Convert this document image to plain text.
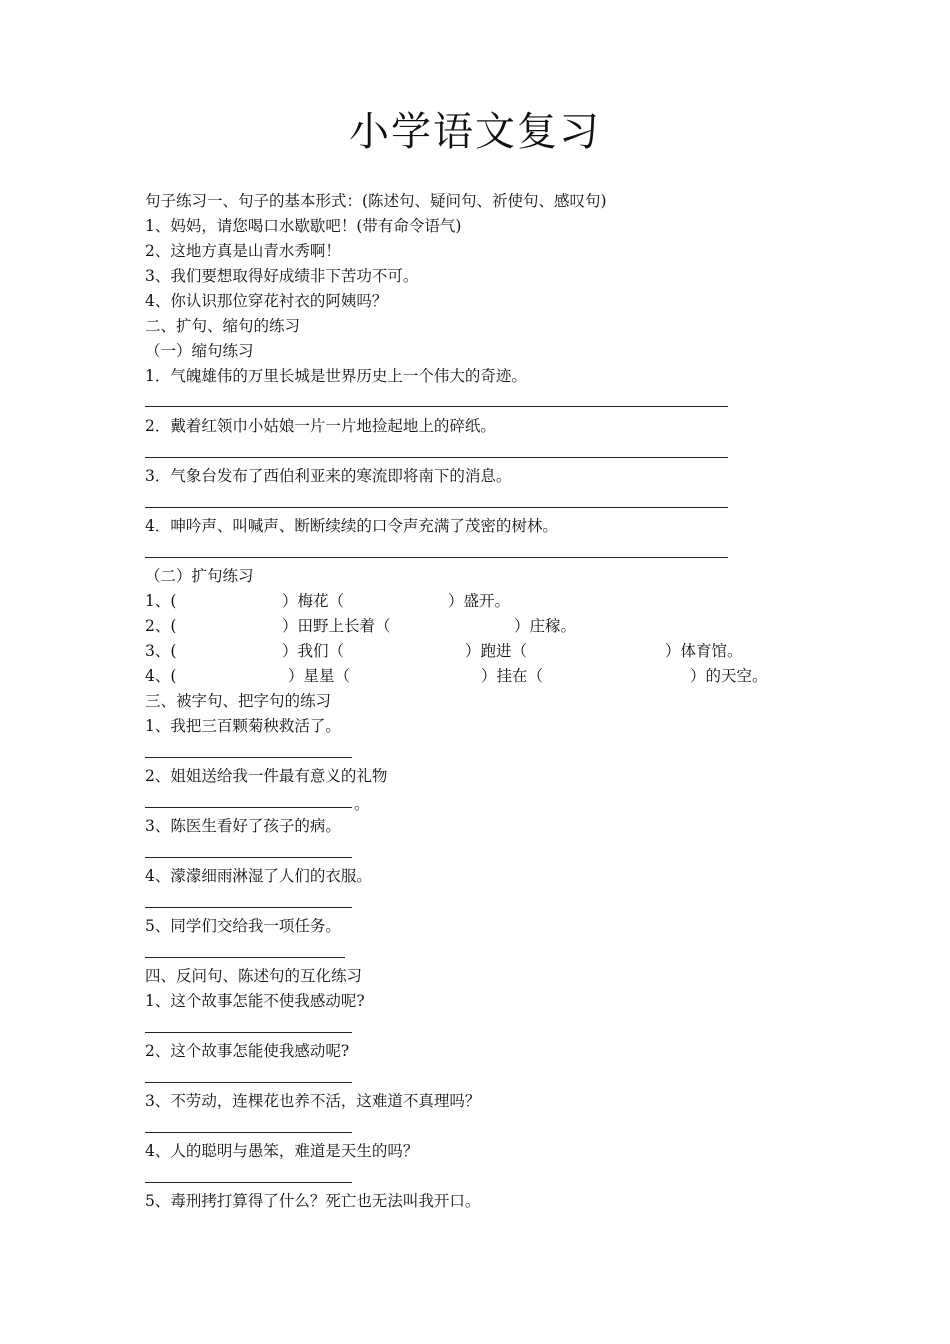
小学语文复习
句子练习一、句子的基本形式：(陈述句、疑问句、祈使句、感叹句)
1、妈妈，请您喝口水歇歇吧！(带有命令语气)
2、这地方真是山青水秀啊！
3、我们要想取得好成绩非下苦功不可。
4、你认识那位穿花衬衣的阿姨吗？
二、扩句、缩句的练习
（一）缩句练习
1．气魄雄伟的万里长城是世界历史上一个伟大的奇迹。
2．戴着红领巾小姑娘一片一片地捡起地上的碎纸。
3．气象台发布了西伯利亚来的寒流即将南下的消息。
4．呻吟声、叫喊声、断断续续的口令声充满了茂密的树林。
（二）扩句练习
1、(	）梅花（	）盛开。
2、(	）田野上长着（	）庄稼。
3、(	）我们（	）跑进（	）体育馆。
4、(	）星星（	）挂在（	）的天空。
三、被字句、把字句的练习
1、我把三百颗菊秧救活了。
2、姐姐送给我一件最有意义的礼物
。
3、陈医生看好了孩子的病。
4、濛濛细雨淋湿了人们的衣服。
5、同学们交给我一项任务。
四、反问句、陈述句的互化练习
1、这个故事怎能不使我感动呢?
2、这个故事怎能使我感动呢?
3、不劳动，连棵花也养不活，这难道不真理吗？
4、人的聪明与愚笨，难道是天生的吗？
5、毒刑拷打算得了什么？死亡也无法叫我开口。
